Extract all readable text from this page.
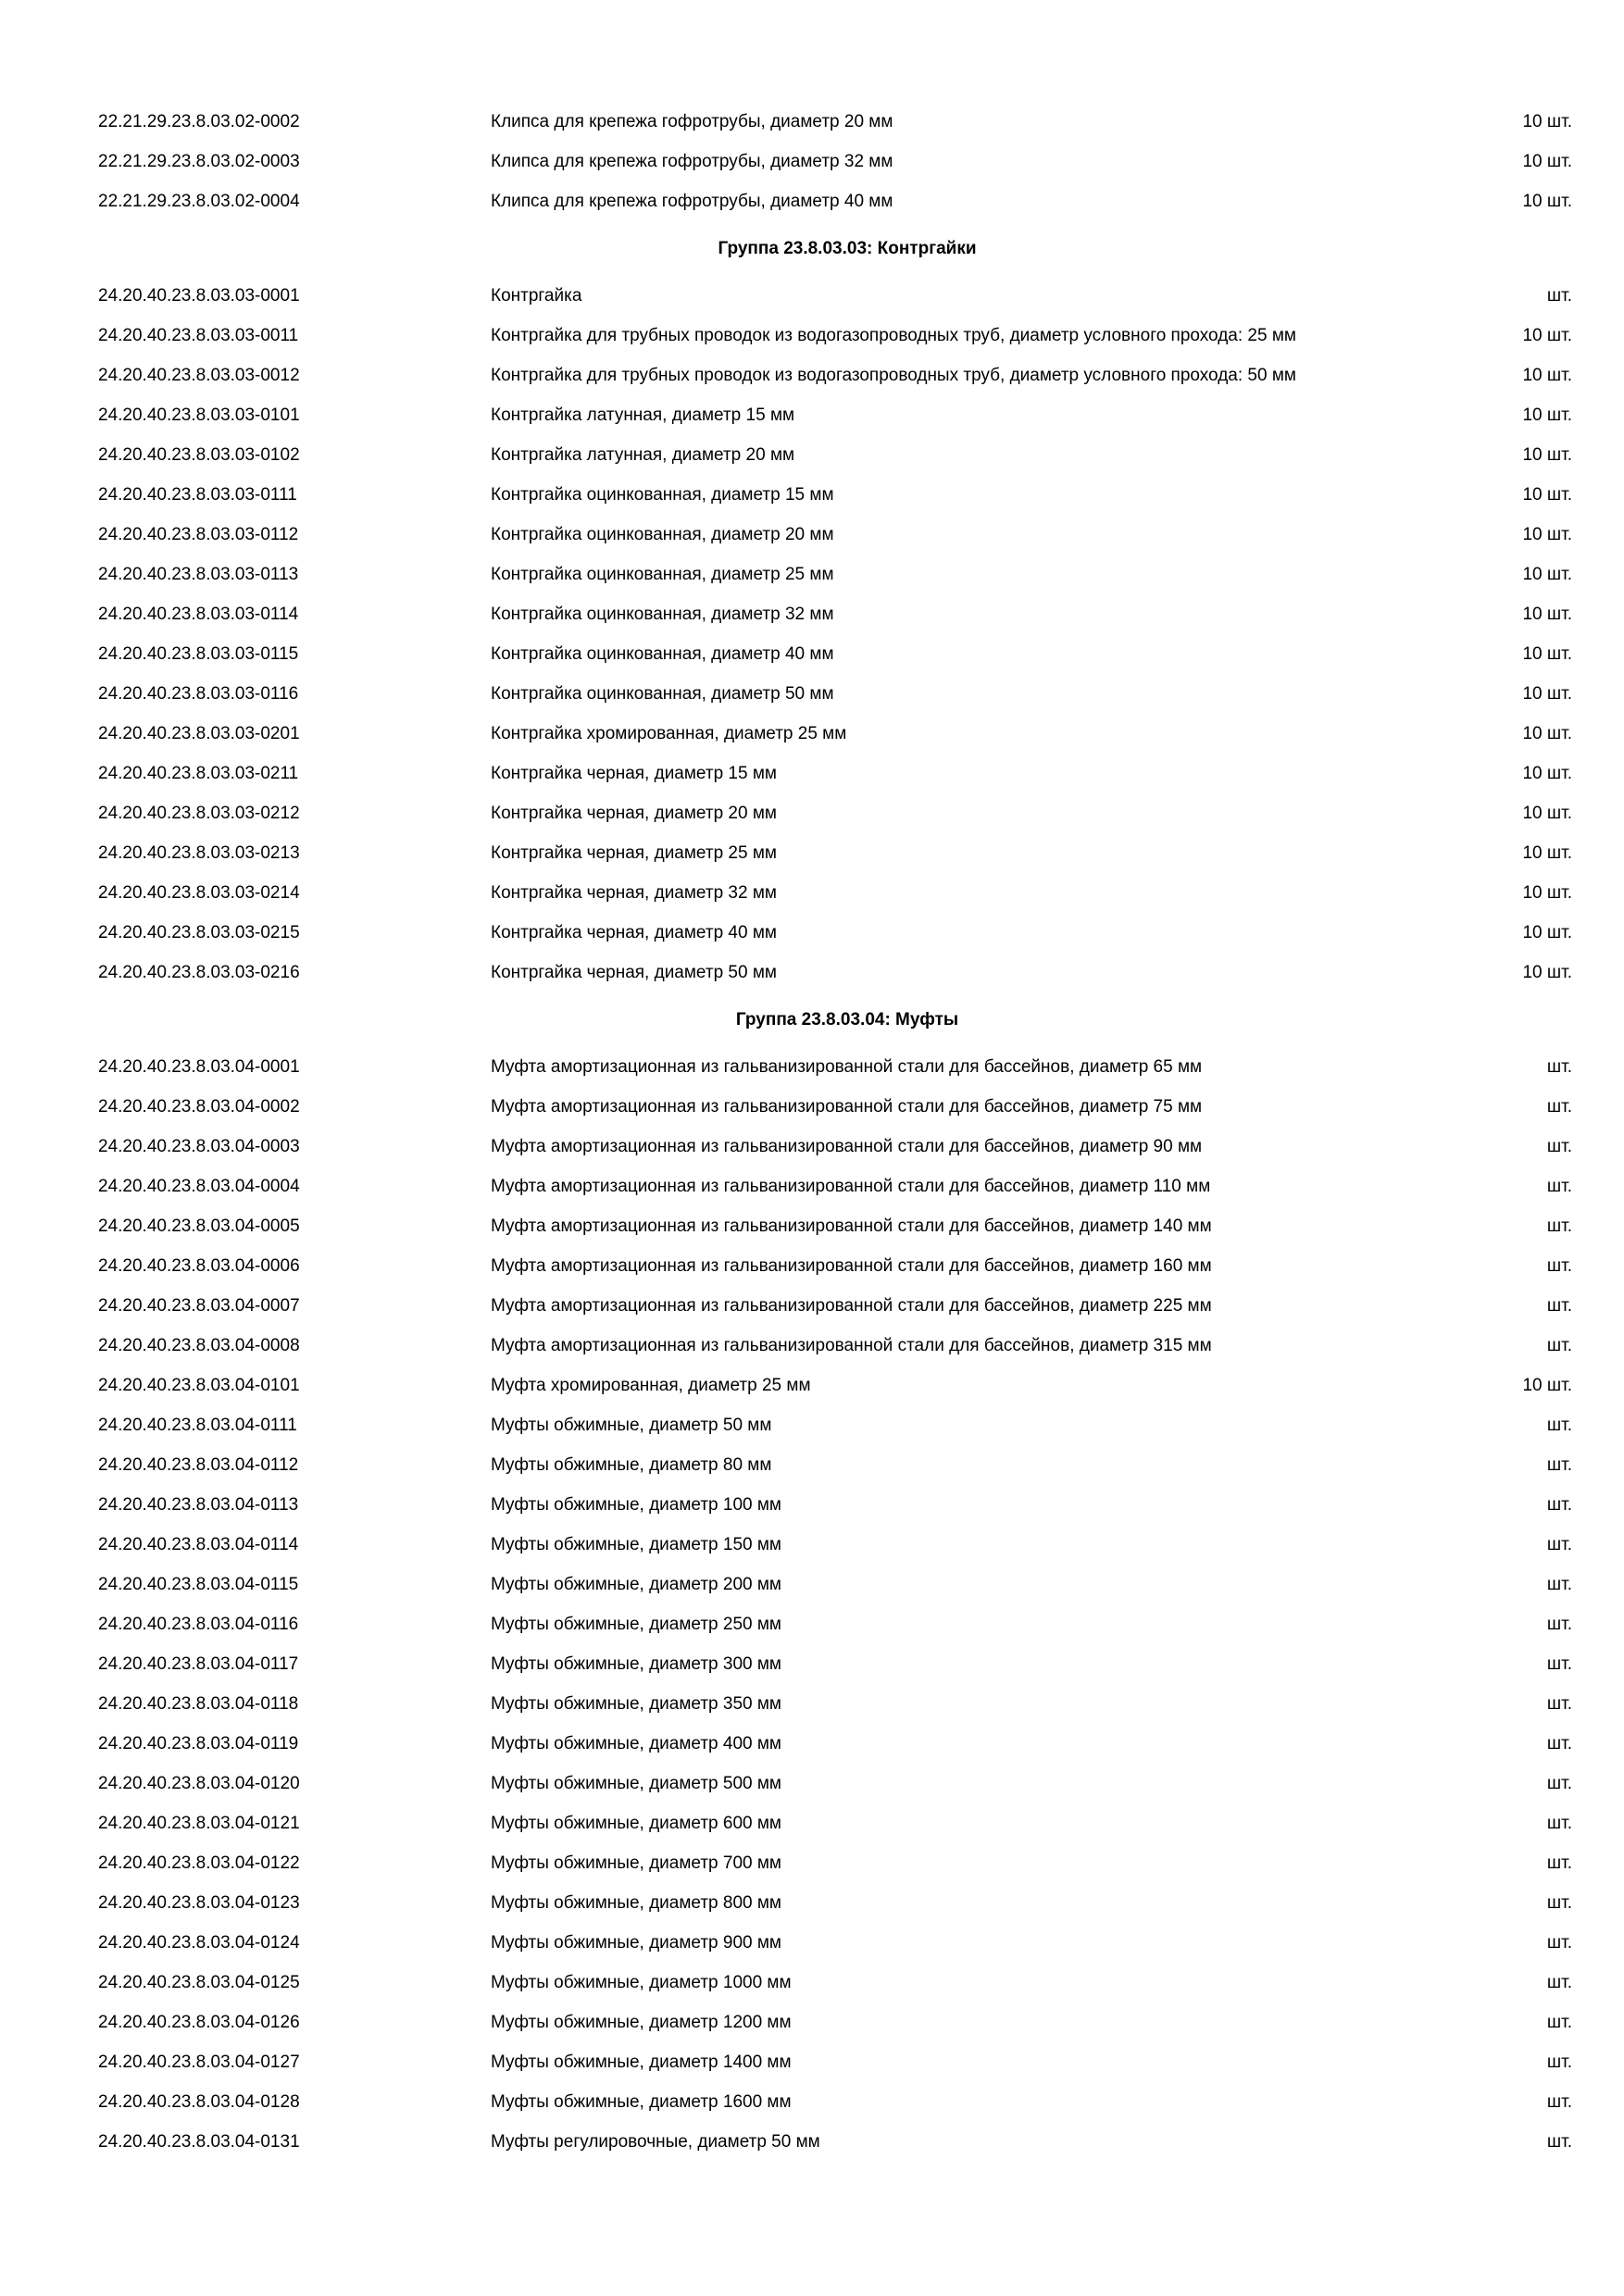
22.21.29.23.8.03.02-0002	Клипса для крепежа гофротрубы, диаметр 20 мм	10 шт.
22.21.29.23.8.03.02-0003	Клипса для крепежа гофротрубы, диаметр 32 мм	10 шт.
22.21.29.23.8.03.02-0004	Клипса для крепежа гофротрубы, диаметр 40 мм	10 шт.
Группа 23.8.03.03: Контргайки
24.20.40.23.8.03.03-0001	Контргайка	шт.
24.20.40.23.8.03.03-0011	Контргайка для трубных проводок из водогазопроводных труб, диаметр условного прохода: 25 мм	10 шт.
24.20.40.23.8.03.03-0012	Контргайка для трубных проводок из водогазопроводных труб, диаметр условного прохода: 50 мм	10 шт.
24.20.40.23.8.03.03-0101	Контргайка латунная, диаметр 15 мм	10 шт.
24.20.40.23.8.03.03-0102	Контргайка латунная, диаметр 20 мм	10 шт.
24.20.40.23.8.03.03-0111	Контргайка оцинкованная, диаметр 15 мм	10 шт.
24.20.40.23.8.03.03-0112	Контргайка оцинкованная, диаметр 20 мм	10 шт.
24.20.40.23.8.03.03-0113	Контргайка оцинкованная, диаметр 25 мм	10 шт.
24.20.40.23.8.03.03-0114	Контргайка оцинкованная, диаметр 32 мм	10 шт.
24.20.40.23.8.03.03-0115	Контргайка оцинкованная, диаметр 40 мм	10 шт.
24.20.40.23.8.03.03-0116	Контргайка оцинкованная, диаметр 50 мм	10 шт.
24.20.40.23.8.03.03-0201	Контргайка хромированная, диаметр 25 мм	10 шт.
24.20.40.23.8.03.03-0211	Контргайка черная, диаметр 15 мм	10 шт.
24.20.40.23.8.03.03-0212	Контргайка черная, диаметр 20 мм	10 шт.
24.20.40.23.8.03.03-0213	Контргайка черная, диаметр 25 мм	10 шт.
24.20.40.23.8.03.03-0214	Контргайка черная, диаметр 32 мм	10 шт.
24.20.40.23.8.03.03-0215	Контргайка черная, диаметр 40 мм	10 шт.
24.20.40.23.8.03.03-0216	Контргайка черная, диаметр 50 мм	10 шт.
Группа 23.8.03.04: Муфты
24.20.40.23.8.03.04-0001	Муфта амортизационная из гальванизированной стали для бассейнов, диаметр 65 мм	шт.
24.20.40.23.8.03.04-0002	Муфта амортизационная из гальванизированной стали для бассейнов, диаметр 75 мм	шт.
24.20.40.23.8.03.04-0003	Муфта амортизационная из гальванизированной стали для бассейнов, диаметр 90 мм	шт.
24.20.40.23.8.03.04-0004	Муфта амортизационная из гальванизированной стали для бассейнов, диаметр 110 мм	шт.
24.20.40.23.8.03.04-0005	Муфта амортизационная из гальванизированной стали для бассейнов, диаметр 140 мм	шт.
24.20.40.23.8.03.04-0006	Муфта амортизационная из гальванизированной стали для бассейнов, диаметр 160 мм	шт.
24.20.40.23.8.03.04-0007	Муфта амортизационная из гальванизированной стали для бассейнов, диаметр 225 мм	шт.
24.20.40.23.8.03.04-0008	Муфта амортизационная из гальванизированной стали для бассейнов, диаметр 315 мм	шт.
24.20.40.23.8.03.04-0101	Муфта хромированная, диаметр 25 мм	10 шт.
24.20.40.23.8.03.04-0111	Муфты обжимные, диаметр 50 мм	шт.
24.20.40.23.8.03.04-0112	Муфты обжимные, диаметр 80 мм	шт.
24.20.40.23.8.03.04-0113	Муфты обжимные, диаметр 100 мм	шт.
24.20.40.23.8.03.04-0114	Муфты обжимные, диаметр 150 мм	шт.
24.20.40.23.8.03.04-0115	Муфты обжимные, диаметр 200 мм	шт.
24.20.40.23.8.03.04-0116	Муфты обжимные, диаметр 250 мм	шт.
24.20.40.23.8.03.04-0117	Муфты обжимные, диаметр 300 мм	шт.
24.20.40.23.8.03.04-0118	Муфты обжимные, диаметр 350 мм	шт.
24.20.40.23.8.03.04-0119	Муфты обжимные, диаметр 400 мм	шт.
24.20.40.23.8.03.04-0120	Муфты обжимные, диаметр 500 мм	шт.
24.20.40.23.8.03.04-0121	Муфты обжимные, диаметр 600 мм	шт.
24.20.40.23.8.03.04-0122	Муфты обжимные, диаметр 700 мм	шт.
24.20.40.23.8.03.04-0123	Муфты обжимные, диаметр 800 мм	шт.
24.20.40.23.8.03.04-0124	Муфты обжимные, диаметр 900 мм	шт.
24.20.40.23.8.03.04-0125	Муфты обжимные, диаметр 1000 мм	шт.
24.20.40.23.8.03.04-0126	Муфты обжимные, диаметр 1200 мм	шт.
24.20.40.23.8.03.04-0127	Муфты обжимные, диаметр 1400 мм	шт.
24.20.40.23.8.03.04-0128	Муфты обжимные, диаметр 1600 мм	шт.
24.20.40.23.8.03.04-0131	Муфты регулировочные, диаметр 50 мм	шт.
